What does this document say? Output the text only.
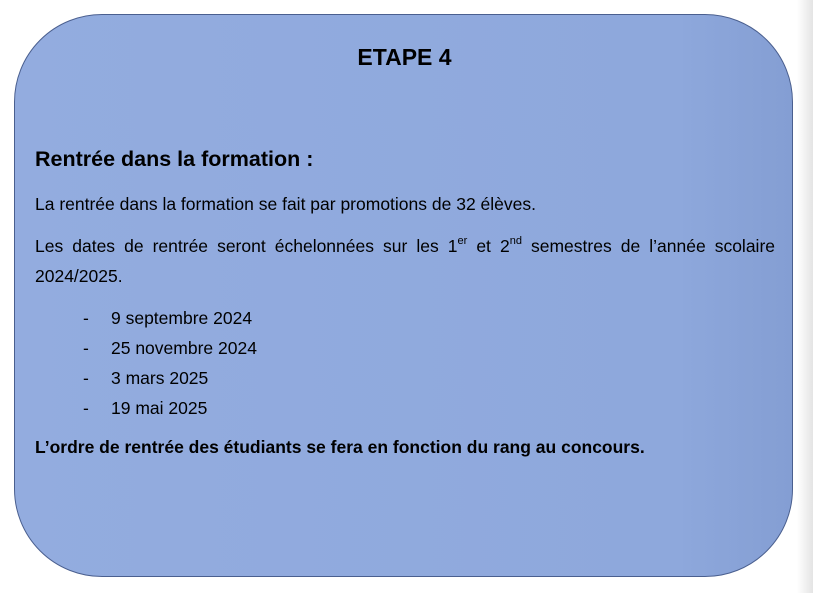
ETAPE 4
Rentrée dans la formation :

La rentrée dans la formation se fait par promotions de 32 élèves.

Les dates de rentrée seront échelonnées sur les 1er et 2nd semestres de l’année scolaire 2024/2025.

-	9 septembre 2024
-	25 novembre 2024
-	3 mars 2025
-	19 mai 2025
L’ordre de rentrée des étudiants se fera en fonction du rang au concours.
